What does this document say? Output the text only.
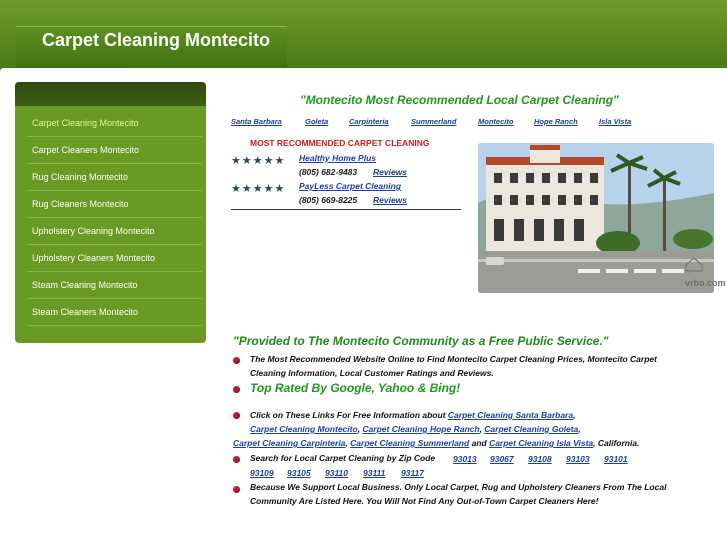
Carpet Cleaning Montecito
Carpet Cleaning Montecito
Carpet Cleaners Montecito
Rug Cleaning Montecito
Rug Cleaners Montecito
Upholstery Cleaning Montecito
Upholstery Cleaners Montecito
Steam Cleaning Montecito
Steam Cleaners Montecito
"Montecito Most Recommended Local Carpet Cleaning"
Santa Barbara	Goleta	Carpinteria	Summerland	Montecito	Hope Ranch	Isla Vista
MOST RECOMMENDED CARPET CLEANING
★★★★★ Healthy Home Plus
(805) 682-9483 Reviews
★★★★★ PayLess Carpet Cleaning
(805) 669-8225 Reviews
vrbo.com
"Provided to The Montecito Community as a Free Public Service."
The Most Recommended Website Online to Find Montecito Carpet Cleaning Prices, Montecito Carpet
Cleaning Information, Local Customer Ratings and Reviews.
Top Rated By Google, Yahoo & Bing!
Click on These Links For Free Information about Carpet Cleaning Santa Barbara,
Carpet Cleaning Montecito, Carpet Cleaning Hope Ranch, Carpet Cleaning Goleta,
Carpet Cleaning Carpinteria, Carpet Cleaning Summerland and Carpet Cleaning Isla Vista, California.
Search for Local Carpet Cleaning by Zip Code 93013 93067 93108 93103 93101
93109 93105 93110 93111 93117
Because We Support Local Business. Only Local Carpet, Rug and Upholstery Cleaners From The Local
Community Are Listed Here. You Will Not Find Any Out-of-Town Carpet Cleaners Here!
